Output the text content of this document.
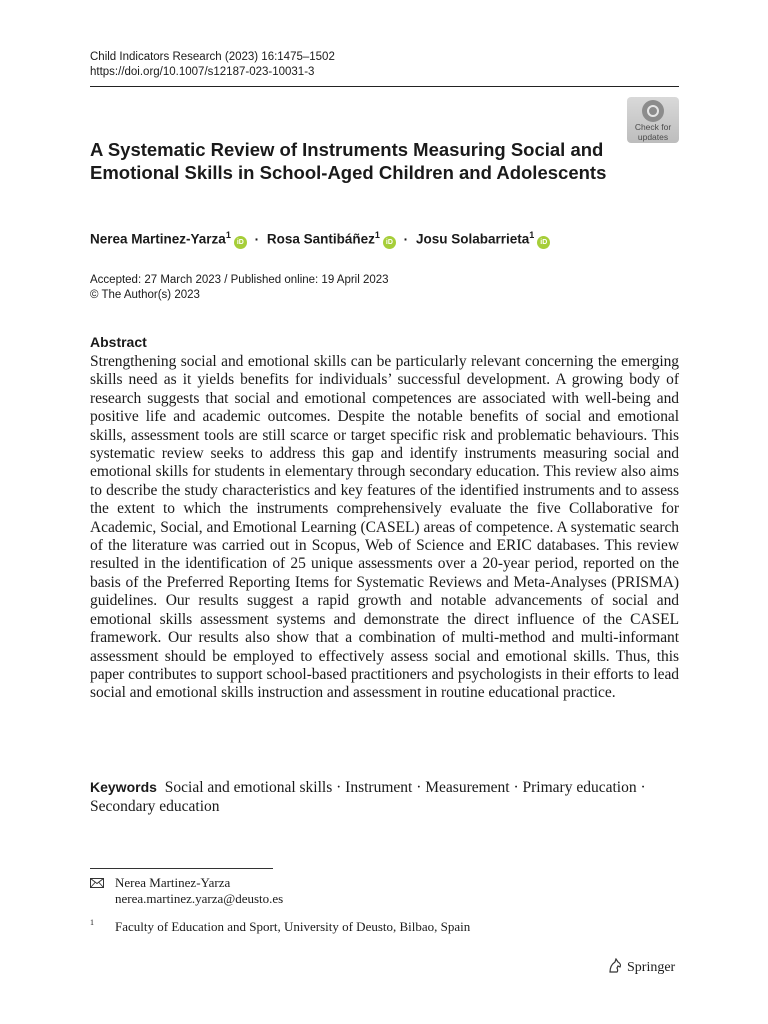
Child Indicators Research (2023) 16:1475–1502
https://doi.org/10.1007/s12187-023-10031-3
Check for
updates
A Systematic Review of Instruments Measuring Social and Emotional Skills in School-Aged Children and Adolescents
Nerea Martinez-Yarza$^1$iD · Rosa Santibáñez$^1$iD · Josu Solabarrieta$^1$iD
Accepted: 27 March 2023 / Published online: 19 April 2023
© The Author(s) 2023
Abstract

Strengthening social and emotional skills can be particularly relevant concerning the emerging skills need as it yields benefits for individuals’ successful development. A growing body of research suggests that social and emotional competences are associated with well-being and positive life and academic outcomes. Despite the notable benefits of social and emotional skills, assessment tools are still scarce or target specific risk and problematic behaviours. This systematic review seeks to address this gap and identify instruments measuring social and emotional skills for students in elementary through secondary education. This review also aims to describe the study characteristics and key features of the identified instruments and to assess the extent to which the instruments comprehensively evaluate the five Collaborative for Academic, Social, and Emotional Learning (CASEL) areas of competence. A systematic search of the literature was carried out in Scopus, Web of Science and ERIC databases. This review resulted in the identification of 25 unique assessments over a 20-year period, reported on the basis of the Preferred Reporting Items for Systematic Reviews and Meta-Analyses (PRISMA) guidelines. Our results suggest a rapid growth and notable advancements of social and emotional skills assessment systems and demonstrate the direct influence of the CASEL framework. Our results also show that a combination of multi-method and multi-informant assessment should be employed to effectively assess social and emotional skills. Thus, this paper contributes to support school-based practitioners and psychologists in their efforts to lead social and emotional skills instruction and assessment in routine educational practice.

Keywords Social and emotional skills · Instrument · Measurement · Primary education · Secondary education
Nerea Martinez-Yarza
nerea.martinez.yarza@deusto.es
1 Faculty of Education and Sport, University of Deusto, Bilbao, Spain
Springer
